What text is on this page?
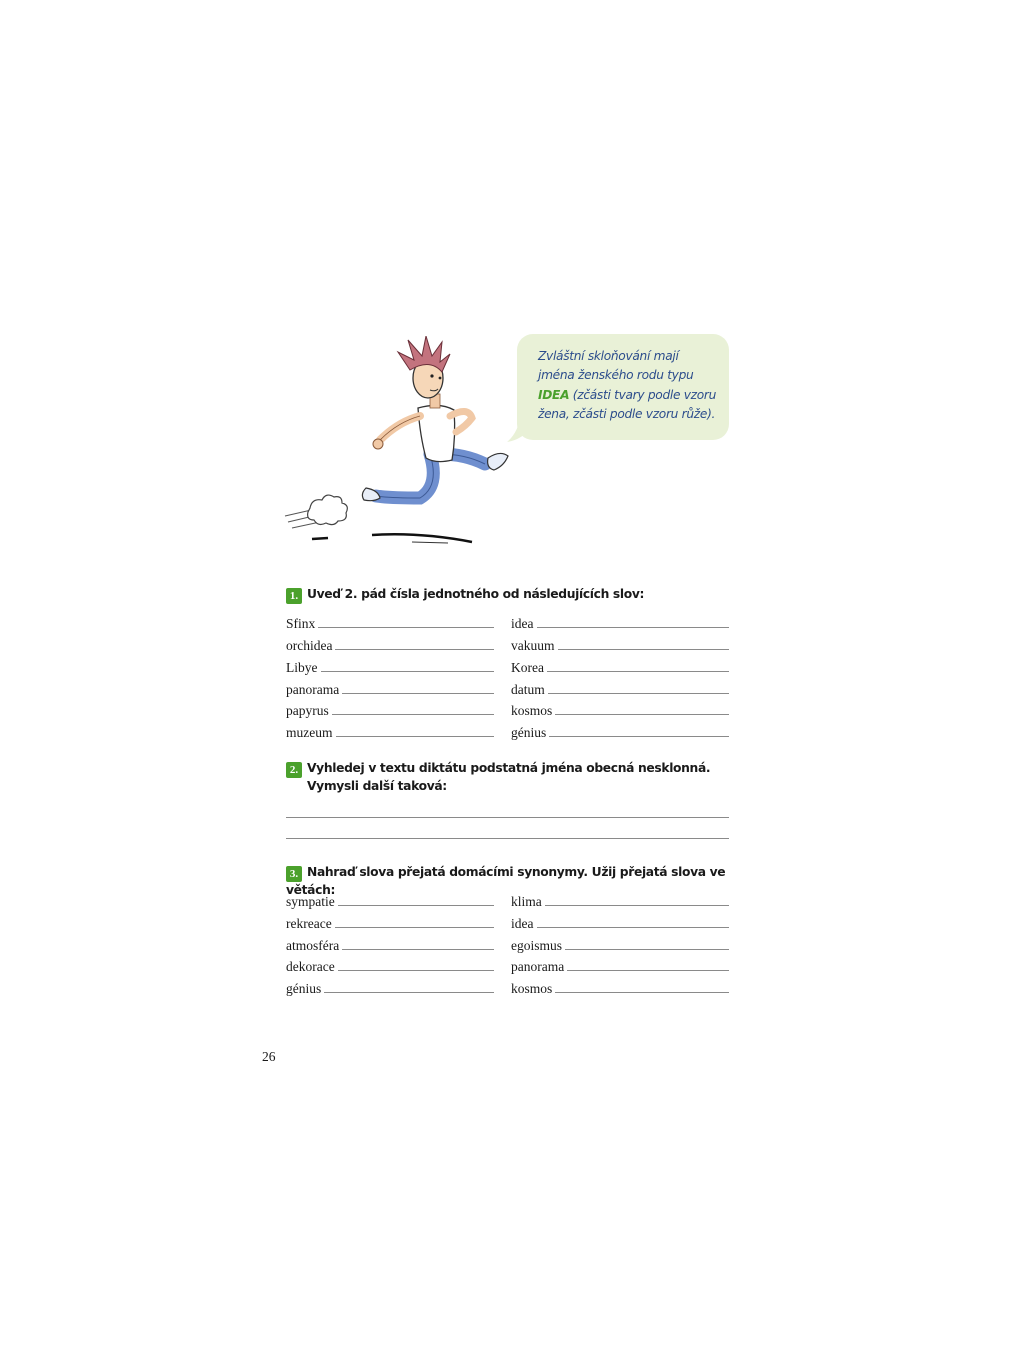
Zvláštní skloňování mají
jména ženského rodu typu
IDEA (zčásti tvary podle vzoru
žena, zčásti podle vzoru růže).
1. Uveď 2. pád čísla jednotného od následujících slov:
Sfinx
orchidea
Libye
panorama
papyrus
muzeum
idea
vakuum
Korea
datum
kosmos
génius
2. Vyhledej v textu diktátu podstatná jména obecná nesklonná.
Vymysli další taková:
3. Nahraď slova přejatá domácími synonymy. Užij přejatá slova ve větách:
sympatie
rekreace
atmosféra
dekorace
génius
klima
idea
egoismus
panorama
kosmos
26
